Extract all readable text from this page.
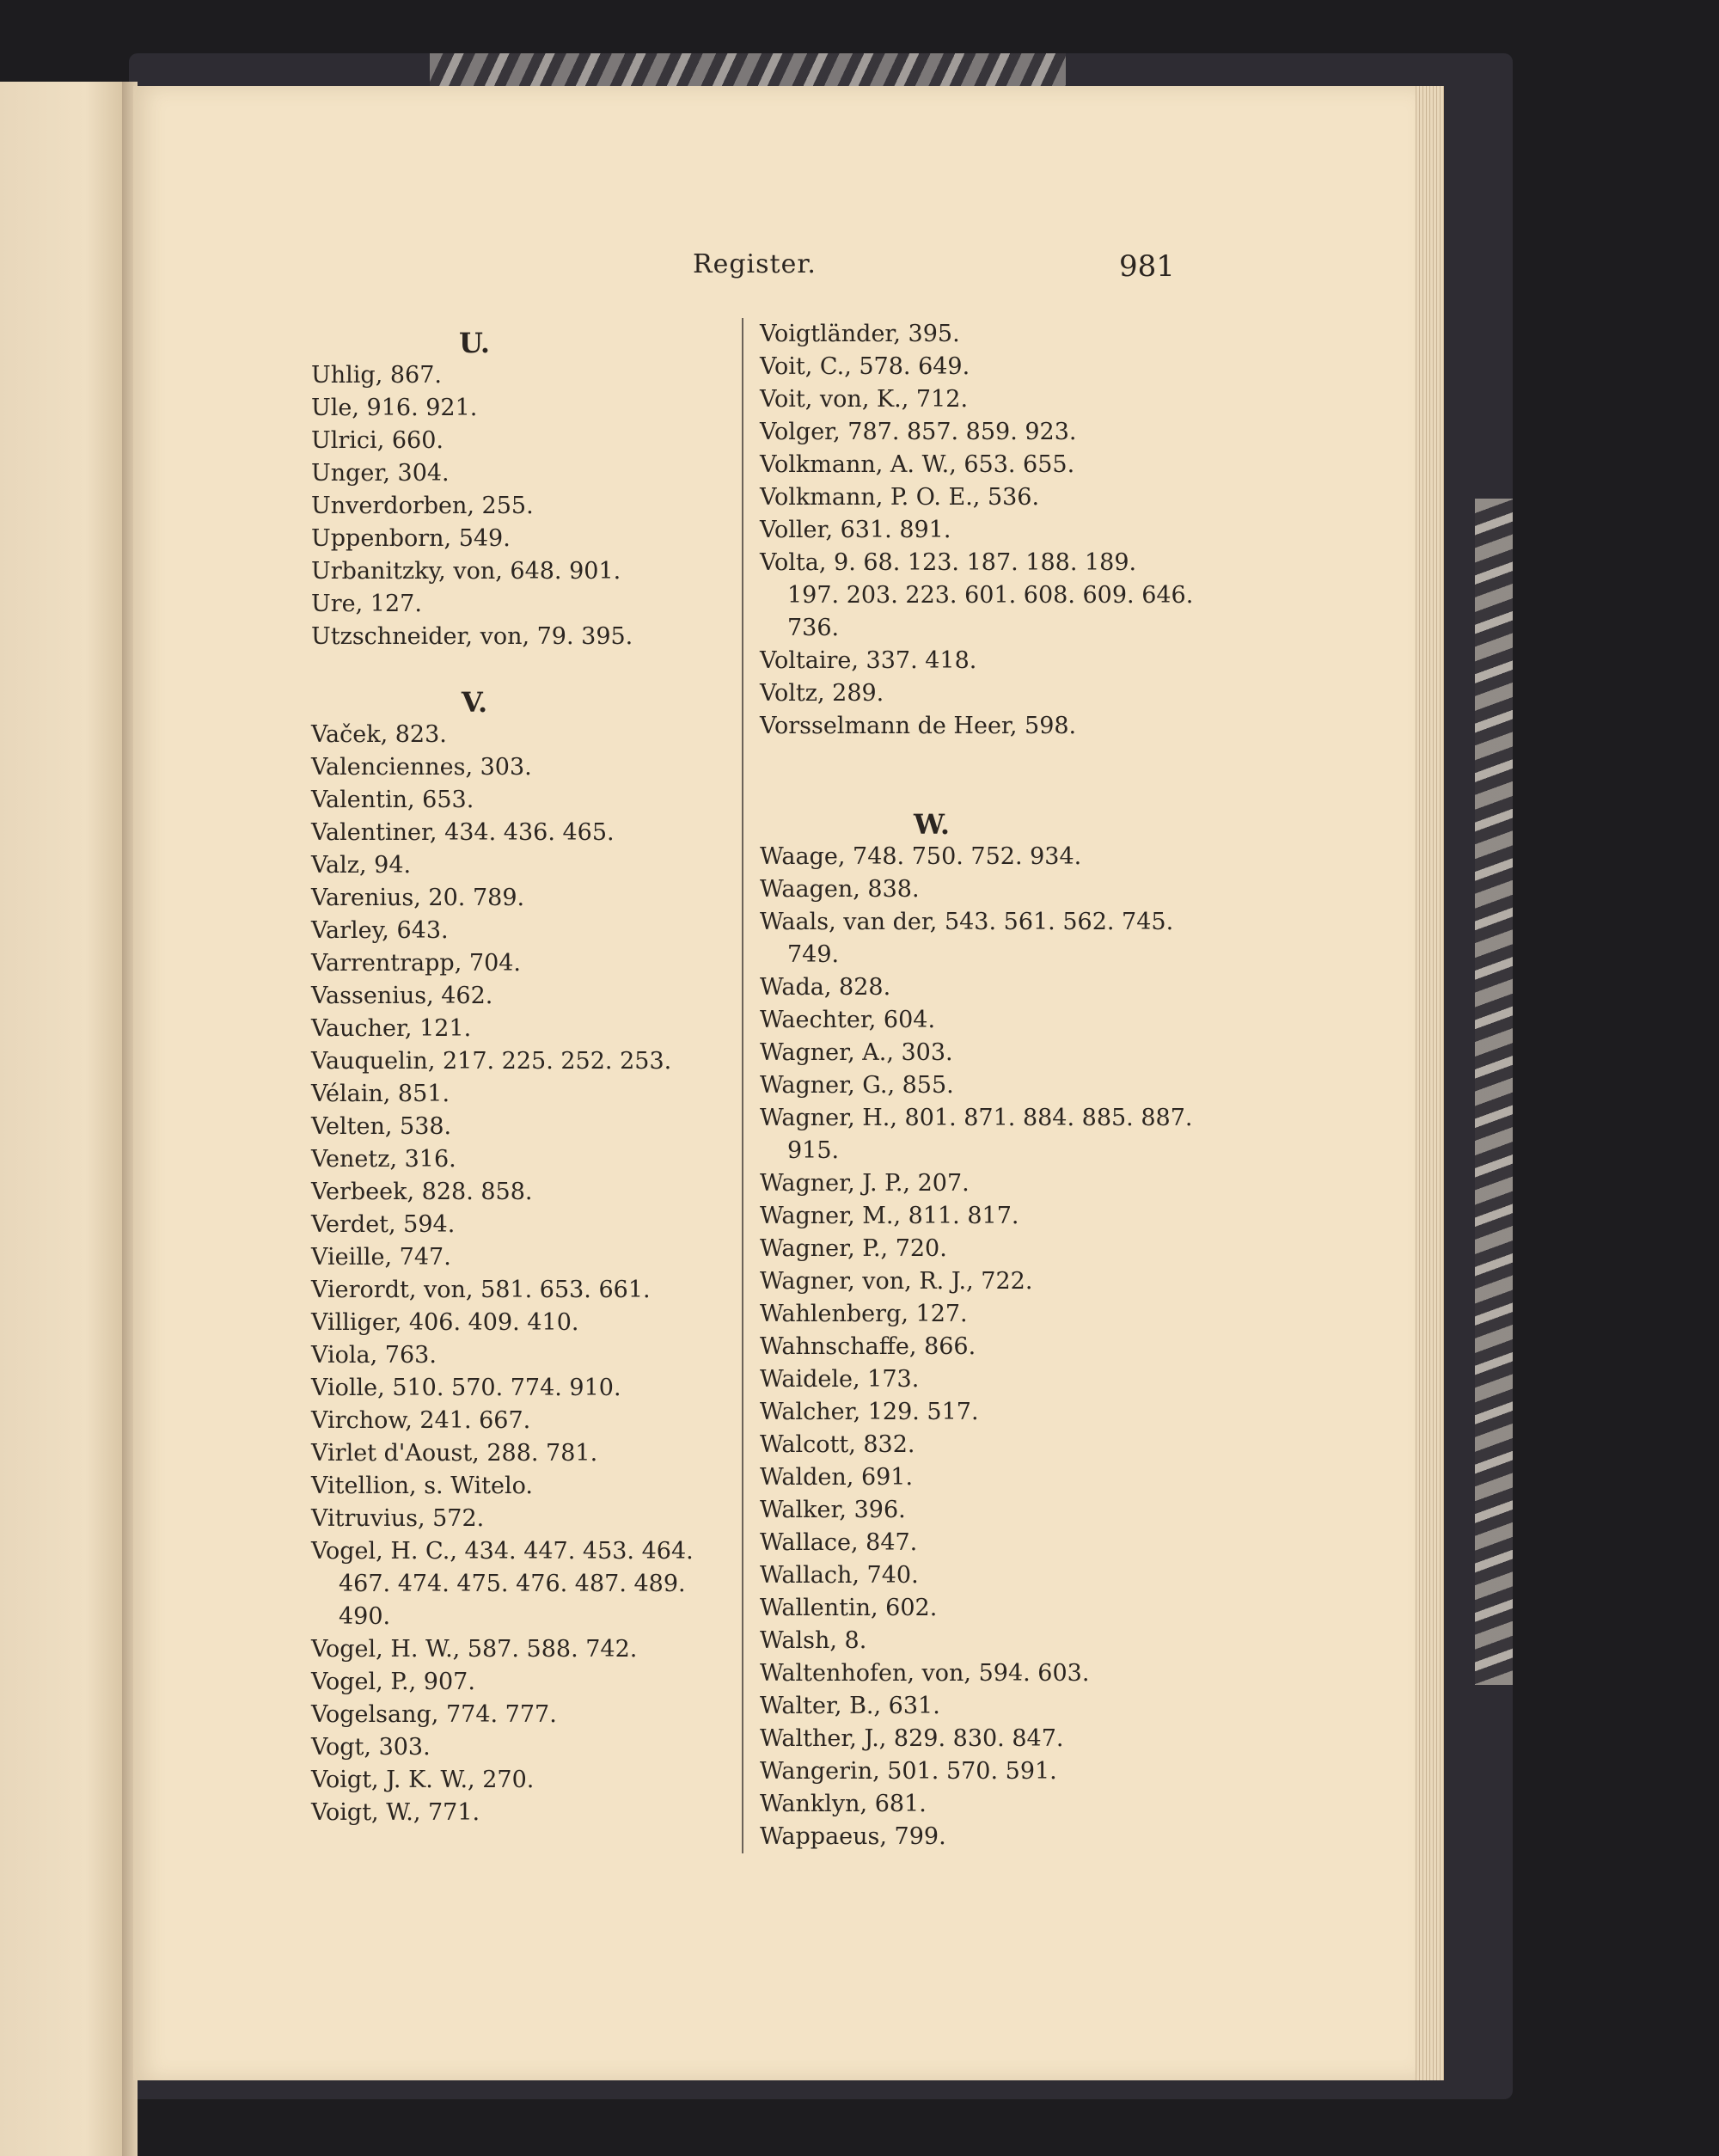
Register.	981
U.
Uhlig, 867.
Ule, 916. 921.
Ulrici, 660.
Unger, 304.
Unverdorben, 255.
Uppenborn, 549.
Urbanitzky, von, 648. 901.
Ure, 127.
Utzschneider, von, 79. 395.
V.
Vaček, 823.
Valenciennes, 303.
Valentin, 653.
Valentiner, 434. 436. 465.
Valz, 94.
Varenius, 20. 789.
Varley, 643.
Varrentrapp, 704.
Vassenius, 462.
Vaucher, 121.
Vauquelin, 217. 225. 252. 253.
Vélain, 851.
Velten, 538.
Venetz, 316.
Verbeek, 828. 858.
Verdet, 594.
Vieille, 747.
Vierordt, von, 581. 653. 661.
Villiger, 406. 409. 410.
Viola, 763.
Violle, 510. 570. 774. 910.
Virchow, 241. 667.
Virlet d'Aoust, 288. 781.
Vitellion, s. Witelo.
Vitruvius, 572.
Vogel, H. C., 434. 447. 453. 464.
467. 474. 475. 476. 487. 489.
490.
Vogel, H. W., 587. 588. 742.
Vogel, P., 907.
Vogelsang, 774. 777.
Vogt, 303.
Voigt, J. K. W., 270.
Voigt, W., 771.
Voigtländer, 395.
Voit, C., 578. 649.
Voit, von, K., 712.
Volger, 787. 857. 859. 923.
Volkmann, A. W., 653. 655.
Volkmann, P. O. E., 536.
Voller, 631. 891.
Volta, 9. 68. 123. 187. 188. 189.
197. 203. 223. 601. 608. 609. 646.
736.
Voltaire, 337. 418.
Voltz, 289.
Vorsselmann de Heer, 598.
W.
Waage, 748. 750. 752. 934.
Waagen, 838.
Waals, van der, 543. 561. 562. 745.
749.
Wada, 828.
Waechter, 604.
Wagner, A., 303.
Wagner, G., 855.
Wagner, H., 801. 871. 884. 885. 887.
915.
Wagner, J. P., 207.
Wagner, M., 811. 817.
Wagner, P., 720.
Wagner, von, R. J., 722.
Wahlenberg, 127.
Wahnschaffe, 866.
Waidele, 173.
Walcher, 129. 517.
Walcott, 832.
Walden, 691.
Walker, 396.
Wallace, 847.
Wallach, 740.
Wallentin, 602.
Walsh, 8.
Waltenhofen, von, 594. 603.
Walter, B., 631.
Walther, J., 829. 830. 847.
Wangerin, 501. 570. 591.
Wanklyn, 681.
Wappaeus, 799.
